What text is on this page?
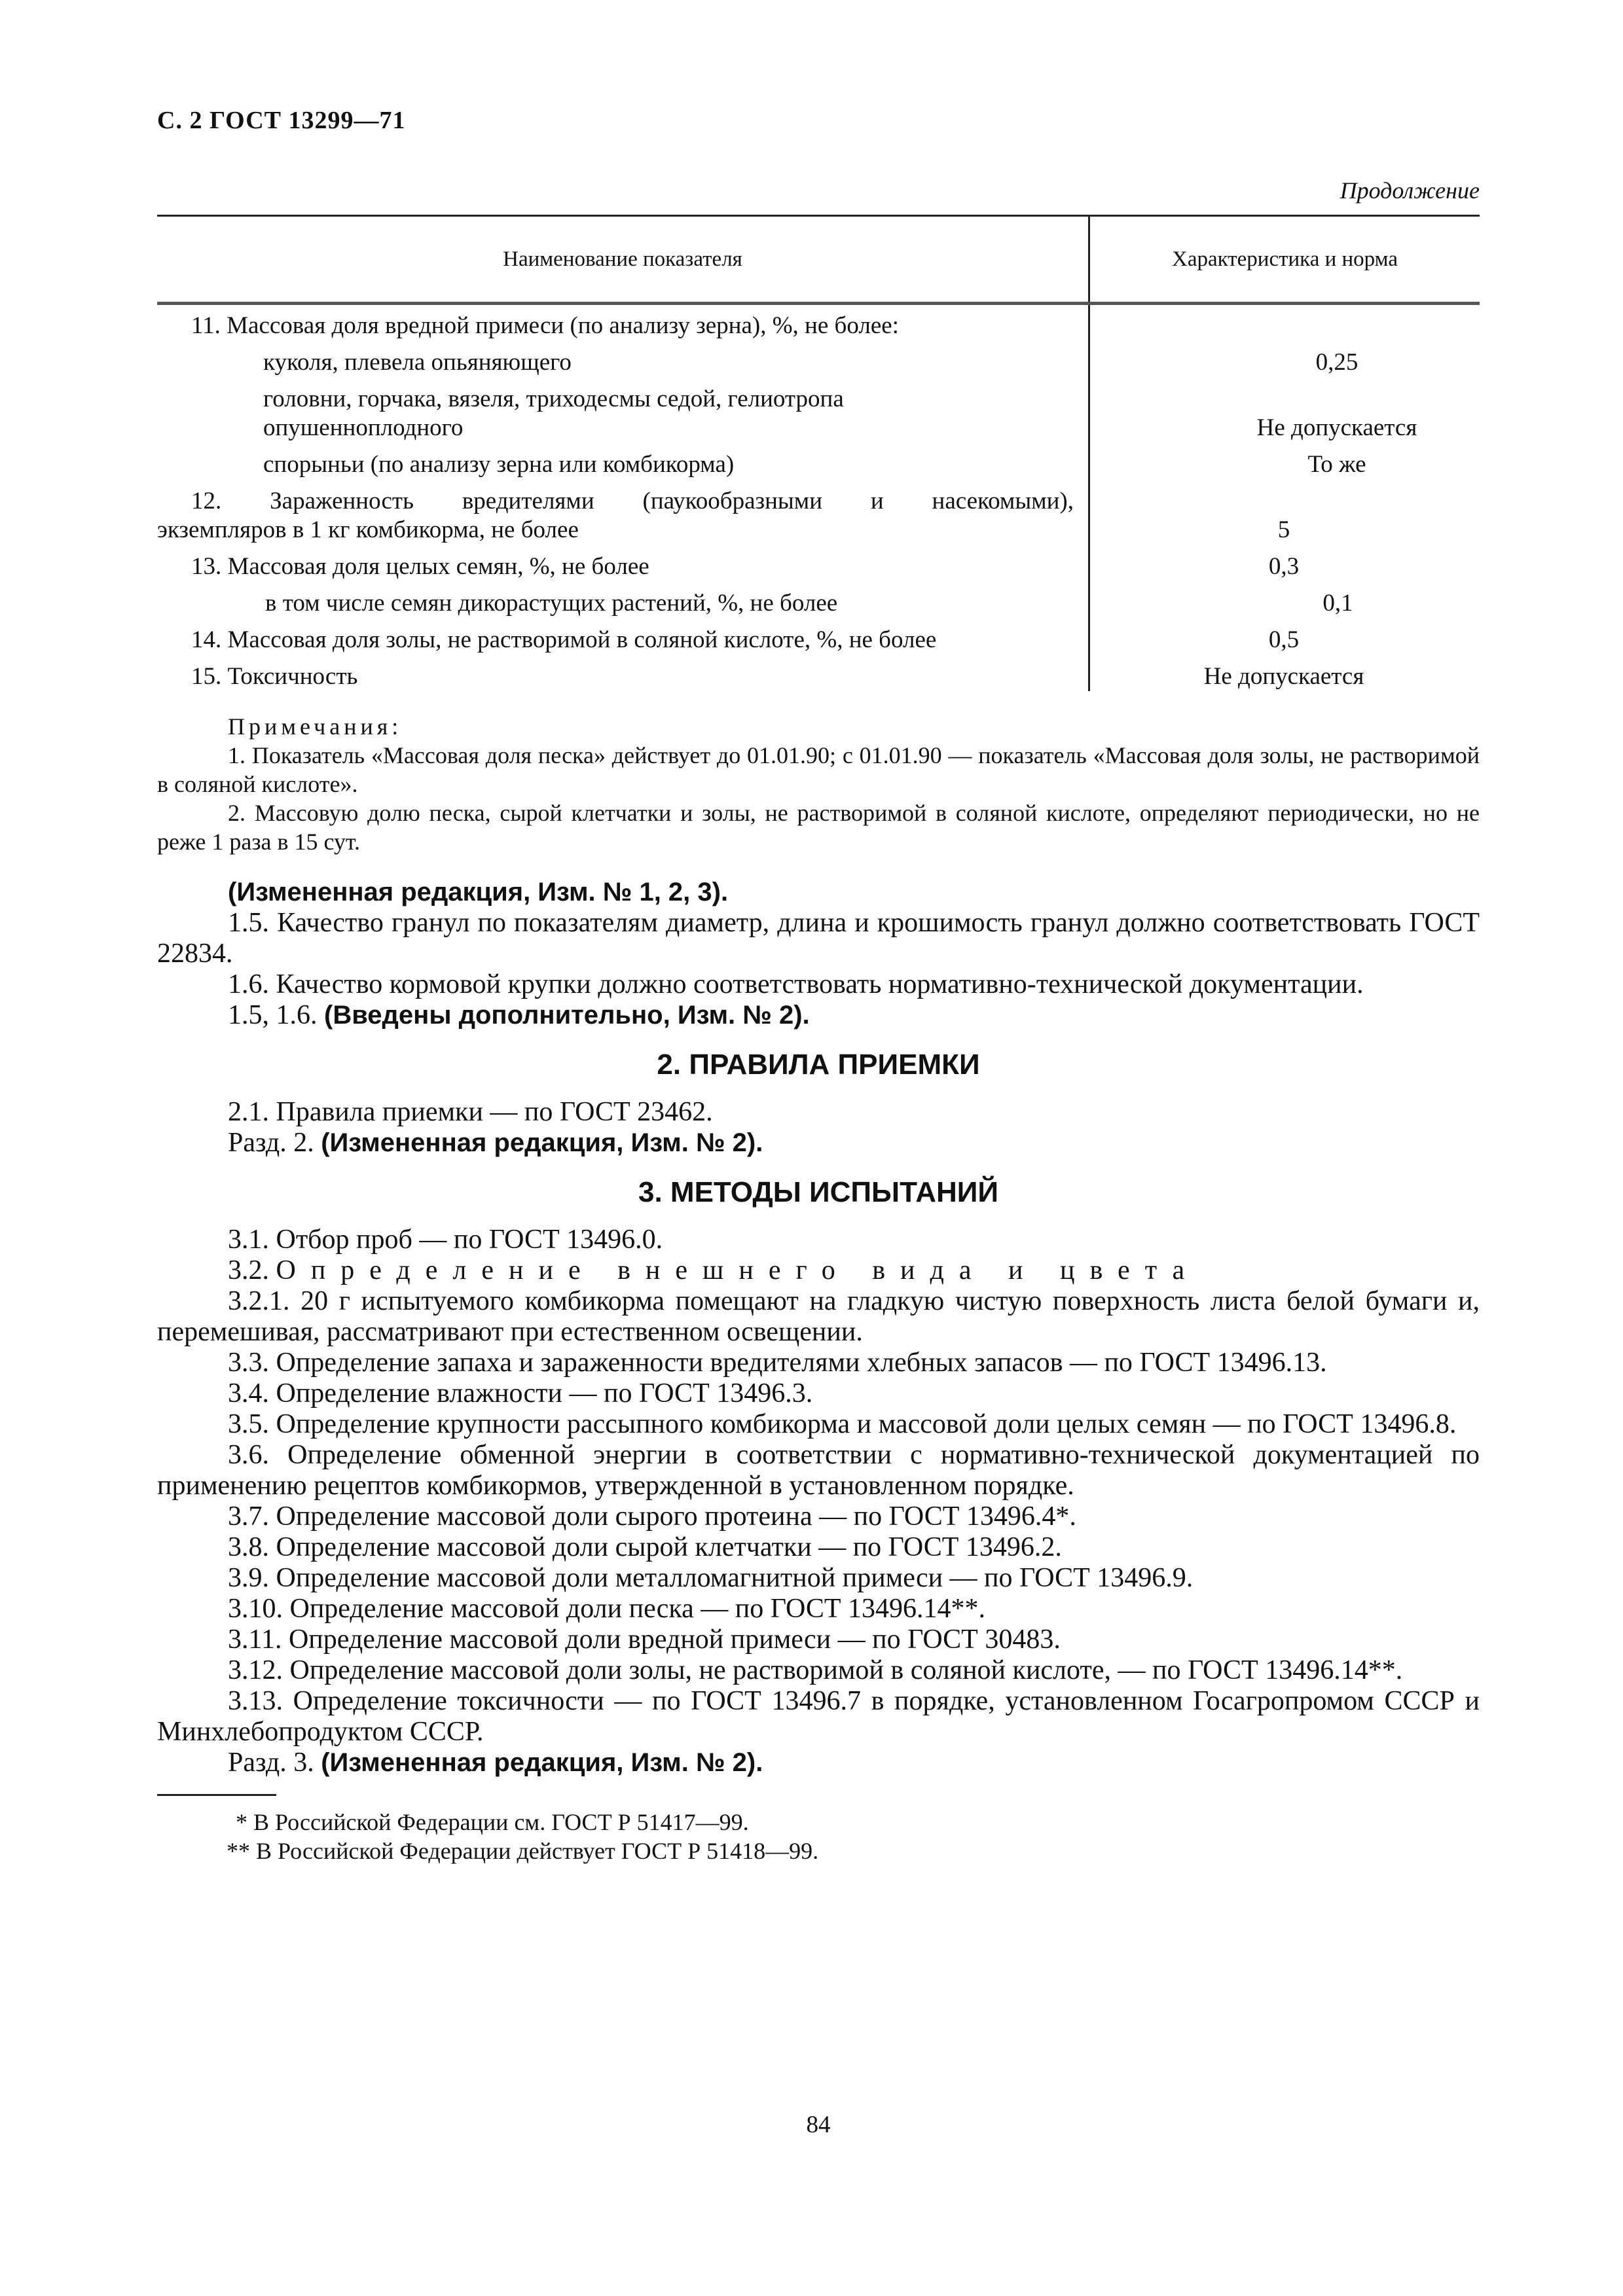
С. 2 ГОСТ 13299—71
Продолжение
Наименование показателя	Характеристика и норма
11. Массовая доля вредной примеси (по анализу зерна), %, не более:
куколя, плевела опьяняющего	0,25
головни, горчака, вязеля, триходесмы седой, гелиотропа
опушенноплодного	Не допускается
спорыньи (по анализу зерна или комбикорма)	То же
12. Зараженность вредителями (паукообразными и насекомыми),
экземпляров в 1 кг комбикорма, не более	5
13. Массовая доля целых семян, %, не более	0,3
в том числе семян дикорастущих растений, %, не более	0,1
14. Массовая доля золы, не растворимой в соляной кислоте, %, не более	0,5
15. Токсичность	Не допускается
Примечания:

1. Показатель «Массовая доля песка» действует до 01.01.90; с 01.01.90 — показатель «Массовая доля золы, не растворимой в соляной кислоте».

2. Массовую долю песка, сырой клетчатки и золы, не растворимой в соляной кислоте, определяют периодически, но не реже 1 раза в 15 сут.

(Измененная редакция, Изм. № 1, 2, 3).

1.5. Качество гранул по показателям диаметр, длина и крошимость гранул должно соответствовать ГОСТ 22834.

1.6. Качество кормовой крупки должно соответствовать нормативно-технической документации.

1.5, 1.6. (Введены дополнительно, Изм. № 2).

2. ПРАВИЛА ПРИЕМКИ

2.1. Правила приемки — по ГОСТ 23462.

Разд. 2. (Измененная редакция, Изм. № 2).

3. МЕТОДЫ ИСПЫТАНИЙ

3.1. Отбор проб — по ГОСТ 13496.0.

3.2. Определение внешнего вида и цвета

3.2.1. 20 г испытуемого комбикорма помещают на гладкую чистую поверхность листа белой бумаги и, перемешивая, рассматривают при естественном освещении.

3.3. Определение запаха и зараженности вредителями хлебных запасов — по ГОСТ 13496.13.

3.4. Определение влажности — по ГОСТ 13496.3.

3.5. Определение крупности рассыпного комбикорма и массовой доли целых семян — по ГОСТ 13496.8.

3.6. Определение обменной энергии в соответствии с нормативно-технической документацией по применению рецептов комбикормов, утвержденной в установленном порядке.

3.7. Определение массовой доли сырого протеина — по ГОСТ 13496.4*.

3.8. Определение массовой доли сырой клетчатки — по ГОСТ 13496.2.

3.9. Определение массовой доли металломагнитной примеси — по ГОСТ 13496.9.

3.10. Определение массовой доли песка — по ГОСТ 13496.14**.

3.11. Определение массовой доли вредной примеси — по ГОСТ 30483.

3.12. Определение массовой доли золы, не растворимой в соляной кислоте, — по ГОСТ 13496.14**.

3.13. Определение токсичности — по ГОСТ 13496.7 в порядке, установленном Госагропромом СССР и Минхлебопродуктом СССР.

Разд. 3. (Измененная редакция, Изм. № 2).

* В Российской Федерации см. ГОСТ Р 51417—99.

** В Российской Федерации действует ГОСТ Р 51418—99.

84
